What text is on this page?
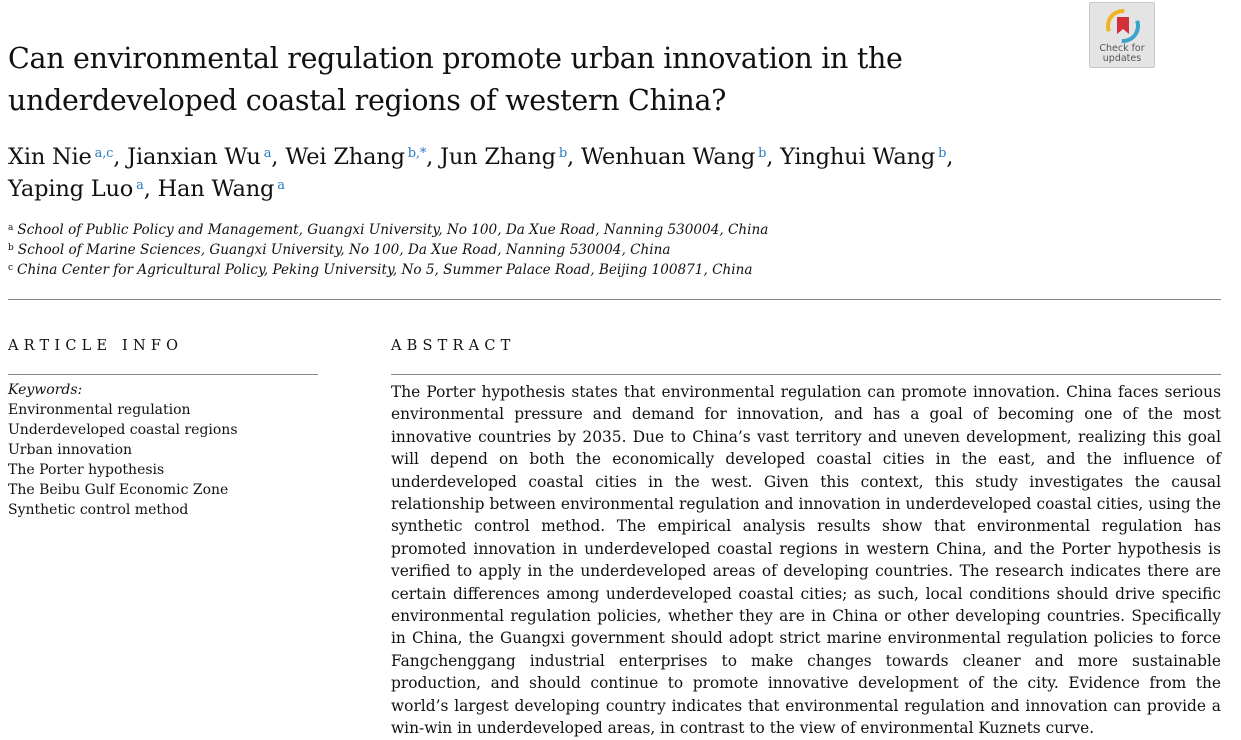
Can environmental regulation promote urban innovation in the
underdeveloped coastal regions of western China?
Check for
updates
Xin Nie $^{a,c}$, Jianxian Wu $^a$, Wei Zhang $^{b,*}$, Jun Zhang $^b$, Wenhuan Wang $^b$, Yinghui Wang $^b$,
Yaping Luo $^a$, Han Wang $^a$
$^a$ School of Public Policy and Management, Guangxi University, No 100, Da Xue Road, Nanning 530004, China
$^b$ School of Marine Sciences, Guangxi University, No 100, Da Xue Road, Nanning 530004, China
$^c$ China Center for Agricultural Policy, Peking University, No 5, Summer Palace Road, Beijing 100871, China
ARTICLE INFO	ABSTRACT
Keywords:
Environmental regulation
Underdeveloped coastal regions
Urban innovation
The Porter hypothesis
The Beibu Gulf Economic Zone
Synthetic control method
The Porter hypothesis states that environmental regulation can promote innovation. China faces serious environmental pressure and demand for innovation, and has a goal of becoming one of the most innovative countries by 2035. Due to China’s vast territory and uneven development, realizing this goal will depend on both the economically developed coastal cities in the east, and the influence of underdeveloped coastal cities in the west. Given this context, this study investigates the causal relationship between environmental regulation and innovation in underdeveloped coastal cities, using the synthetic control method. The empirical analysis results show that environmental regulation has promoted innovation in underdeveloped coastal regions in western China, and the Porter hypothesis is verified to apply in the underdeveloped areas of developing countries. The research indicates there are certain differences among underdeveloped coastal cities; as such, local conditions should drive specific environmental regulation policies, whether they are in China or other developing countries. Specifically in China, the Guangxi government should adopt strict marine environmental regulation policies to force Fangchenggang industrial enterprises to make changes towards cleaner and more sustainable production, and should continue to promote innovative development of the city. Evidence from the world’s largest developing country indicates that environmental regulation and innovation can provide a win-win in underdeveloped areas, in contrast to the view of environmental Kuznets curve.
